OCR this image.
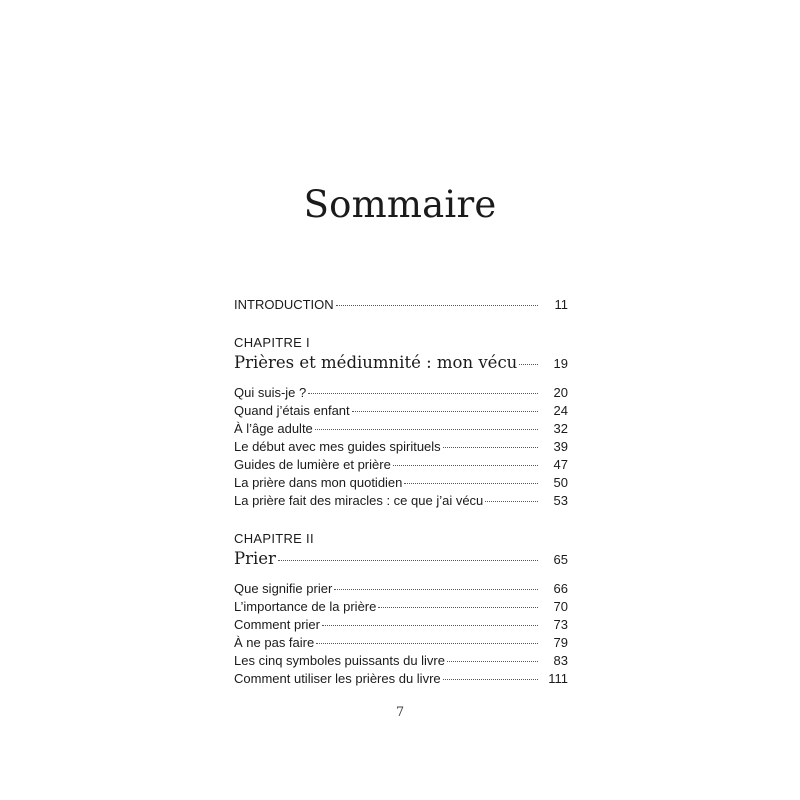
Sommaire
INTRODUCTION	11
CHAPITRE I
Prières et médiumnité : mon vécu	19
Qui suis-je ?	20
Quand j’étais enfant	24
À l’âge adulte	32
Le début avec mes guides spirituels	39
Guides de lumière et prière	47
La prière dans mon quotidien	50
La prière fait des miracles : ce que j’ai vécu	53
CHAPITRE II
Prier	65
Que signifie prier	66
L’importance de la prière	70
Comment prier	73
À ne pas faire	79
Les cinq symboles puissants du livre	83
Comment utiliser les prières du livre	111
7
